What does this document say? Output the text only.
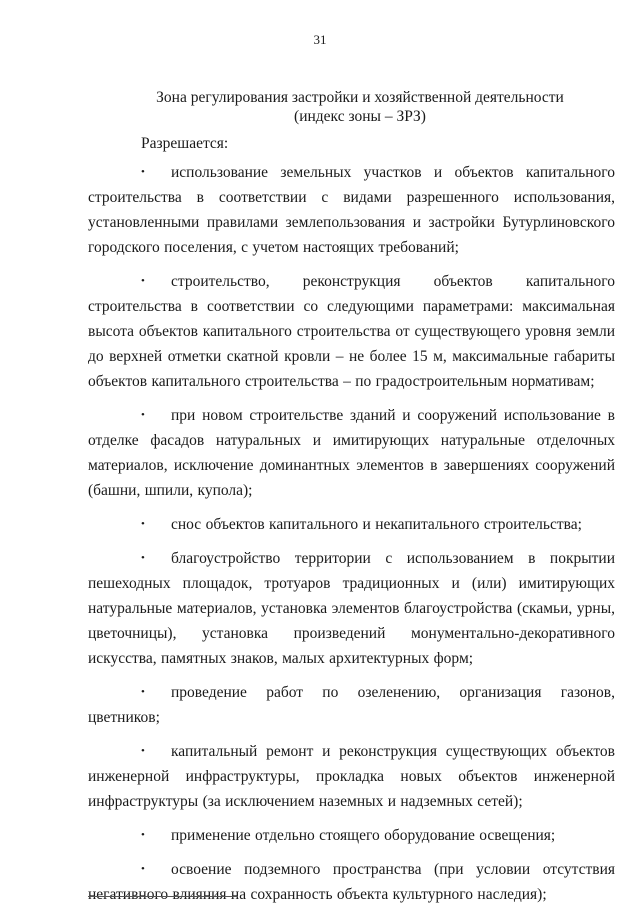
31
Зона регулирования застройки и хозяйственной деятельности
(индекс зоны – ЗРЗ)
Разрешается:
• использование земельных участков и объектов капитального строительства в соответствии с видами разрешенного использования, установленными правилами землепользования и застройки Бутурлиновского городского поселения, с учетом настоящих требований;
• строительство, реконструкция объектов капитального строительства в соответствии со следующими параметрами: максимальная высота объектов капитального строительства от существующего уровня земли до верхней отметки скатной кровли – не более 15 м, максимальные габариты объектов капитального строительства – по градостроительным нормативам;
• при новом строительстве зданий и сооружений использование в отделке фасадов натуральных и имитирующих натуральные отделочных материалов, исключение доминантных элементов в завершениях сооружений (башни, шпили, купола);
• снос объектов капитального и некапитального строительства;
• благоустройство территории с использованием в покрытии пешеходных площадок, тротуаров традиционных и (или) имитирующих натуральные материалов, установка элементов благоустройства (скамьи, урны, цветочницы), установка произведений монументально-декоративного искусства, памятных знаков, малых архитектурных форм;
• проведение работ по озеленению, организация газонов, цветников;
• капитальный ремонт и реконструкция существующих объектов инженерной инфраструктуры, прокладка новых объектов инженерной инфраструктуры (за исключением наземных и надземных сетей);
• применение отдельно стоящего оборудование освещения;
• освоение подземного пространства (при условии отсутствия негативного влияния на сохранность объекта культурного наследия);
